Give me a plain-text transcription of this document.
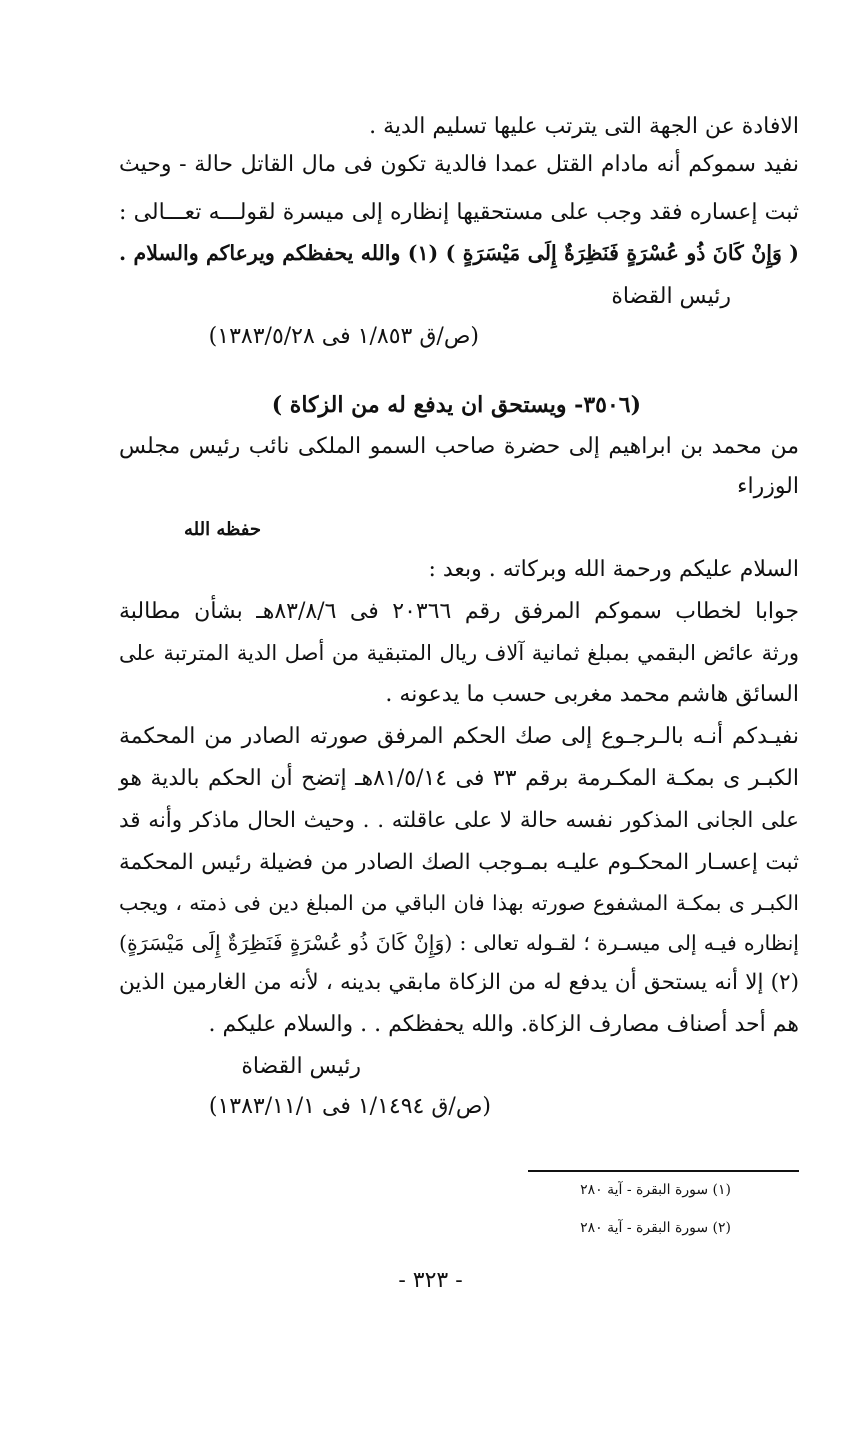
الافادة عن الجهة التى يترتب عليها تسليم الدية .
نفيد سموكم أنه مادام القتل عمدا فالدية تكون فى مال القاتل حالة - وحيث
ثبت إعساره فقد وجب على مستحقيها إنظاره إلى ميسرة لقولـــه تعـــالى :
( وَإِنْ كَانَ ذُو عُسْرَةٍ فَنَظِرَةٌ إِلَى مَيْسَرَةٍ ) (١) والله يحفظكم ويرعاكم والسلام .
رئيس القضاة
(ص/ق ١/٨٥٣ فى ١٣٨٣/٥/٢٨)
(٣٥٠٦- ويستحق ان يدفع له من الزكاة )
من محمد بن ابراهيم إلى حضرة صاحب السمو الملكى نائب رئيس مجلس
الوزراء
حفظه الله
السلام عليكم ورحمة الله وبركاته . وبعد :
جوابا لخطاب سموكم المرفق رقم ٢٠٣٦٦ فى ٨٣/٨/٦هـ بشأن مطالبة
ورثة عائض البقمي بمبلغ ثمانية آلاف ريال المتبقية من أصل الدية المترتبة على
السائق هاشم محمد مغربى حسب ما يدعونه .
نفيـدكم أنـه بالـرجـوع إلى صك الحكم المرفق صورته الصادر من المحكمة
الكبـر ى بمكـة المكـرمة برقم ٣٣ فى ٨١/٥/١٤هـ إتضح أن الحكم بالدية هو
على الجانى المذكور نفسه حالة لا على عاقلته . . وحيث الحال ماذكر وأنه قد
ثبت إعسـار المحكـوم عليـه بمـوجب الصك الصادر من فضيلة رئيس المحكمة
الكبـر ى بمكـة المشفوع صورته بهذا فان الباقي من المبلغ دين فى ذمته ، ويجب
إنظاره فيـه إلى ميسـرة ؛ لقـوله تعالى : (وَإِنْ كَانَ ذُو عُسْرَةٍ فَنَظِرَةٌ إِلَى مَيْسَرَةٍ)
(٢) إلا أنه يستحق أن يدفع له من الزكاة مابقي بدينه ، لأنه من الغارمين الذين
هم أحد أصناف مصارف الزكاة. والله يحفظكم . . والسلام عليكم .
رئيس القضاة
(ص/ق ١/١٤٩٤ فى ١٣٨٣/١١/١)
(١) سورة البقرة - آية ٢٨٠
(٢) سورة البقرة - آية ٢٨٠
- ٣٢٣ -
